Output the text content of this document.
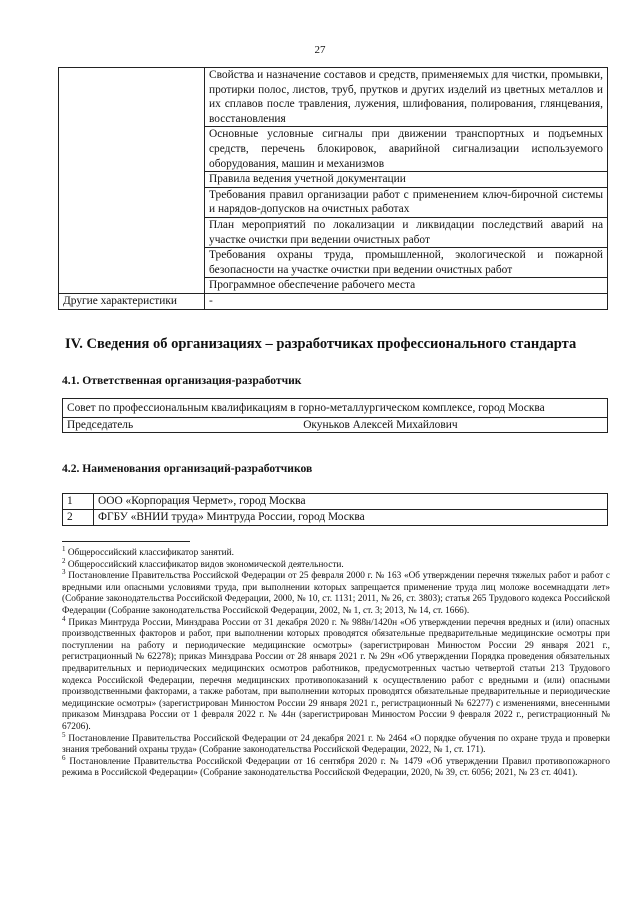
27
	Свойства и назначение составов и средств, применяемых для чистки, промывки, протирки полос, листов, труб, прутков и других изделий из цветных металлов и их сплавов после травления, лужения, шлифования, полирования, глянцевания, восстановления
	Основные условные сигналы при движении транспортных и подъемных средств, перечень блокировок, аварийной сигнализации используемого оборудования, машин и механизмов
	Правила ведения учетной документации
	Требования правил организации работ с применением ключ-бирочной системы и нарядов-допусков на очистных работах
	План мероприятий по локализации и ликвидации последствий аварий на участке очистки при ведении очистных работ
	Требования охраны труда, промышленной, экологической и пожарной безопасности на участке очистки при ведении очистных работ
	Программное обеспечение рабочего места
Другие характеристики	-
IV. Сведения об организациях – разработчиках профессионального стандарта
4.1. Ответственная организация-разработчик
Совет по профессиональным квалификациям в горно-металлургическом комплексе, город Москва
Председатель	Окуньков Алексей Михайлович
4.2. Наименования организаций-разработчиков
1	ООО «Корпорация Чермет», город Москва
2	ФГБУ «ВНИИ труда» Минтруда России, город Москва

$^1$ Общероссийский классификатор занятий.

$^2$ Общероссийский классификатор видов экономической деятельности.

$^3$ Постановление Правительства Российской Федерации от 25 февраля 2000 г. № 163 «Об утверждении перечня тяжелых работ и работ с вредными или опасными условиями труда, при выполнении которых запрещается применение труда лиц моложе восемнадцати лет» (Собрание законодательства Российской Федерации, 2000, № 10, ст. 1131; 2011, № 26, ст. 3803); статья 265 Трудового кодекса Российской Федерации (Собрание законодательства Российской Федерации, 2002, № 1, ст. 3; 2013, № 14, ст. 1666).

$^4$ Приказ Минтруда России, Минздрава России от 31 декабря 2020 г. № 988н/1420н «Об утверждении перечня вредных и (или) опасных производственных факторов и работ, при выполнении которых проводятся обязательные предварительные медицинские осмотры при поступлении на работу и периодические медицинские осмотры» (зарегистрирован Минюстом России 29 января 2021 г., регистрационный № 62278); приказ Минздрава России от 28 января 2021 г. № 29н «Об утверждении Порядка проведения обязательных предварительных и периодических медицинских осмотров работников, предусмотренных частью четвертой статьи 213 Трудового кодекса Российской Федерации, перечня медицинских противопоказаний к осуществлению работ с вредными и (или) опасными производственными факторами, а также работам, при выполнении которых проводятся обязательные предварительные и периодические медицинские осмотры» (зарегистрирован Минюстом России 29 января 2021 г., регистрационный № 62277) с изменениями, внесенными приказом Минздрава России от 1 февраля 2022 г. № 44н (зарегистрирован Минюстом России 9 февраля 2022 г., регистрационный № 67206).

$^5$ Постановление Правительства Российской Федерации от 24 декабря 2021 г. № 2464 «О порядке обучения по охране труда и проверки знания требований охраны труда» (Собрание законодательства Российской Федерации, 2022, № 1, ст. 171).

$^6$ Постановление Правительства Российской Федерации от 16 сентября 2020 г. № 1479 «Об утверждении Правил противопожарного режима в Российской Федерации» (Собрание законодательства Российской Федерации, 2020, № 39, ст. 6056; 2021, № 23 ст. 4041).
